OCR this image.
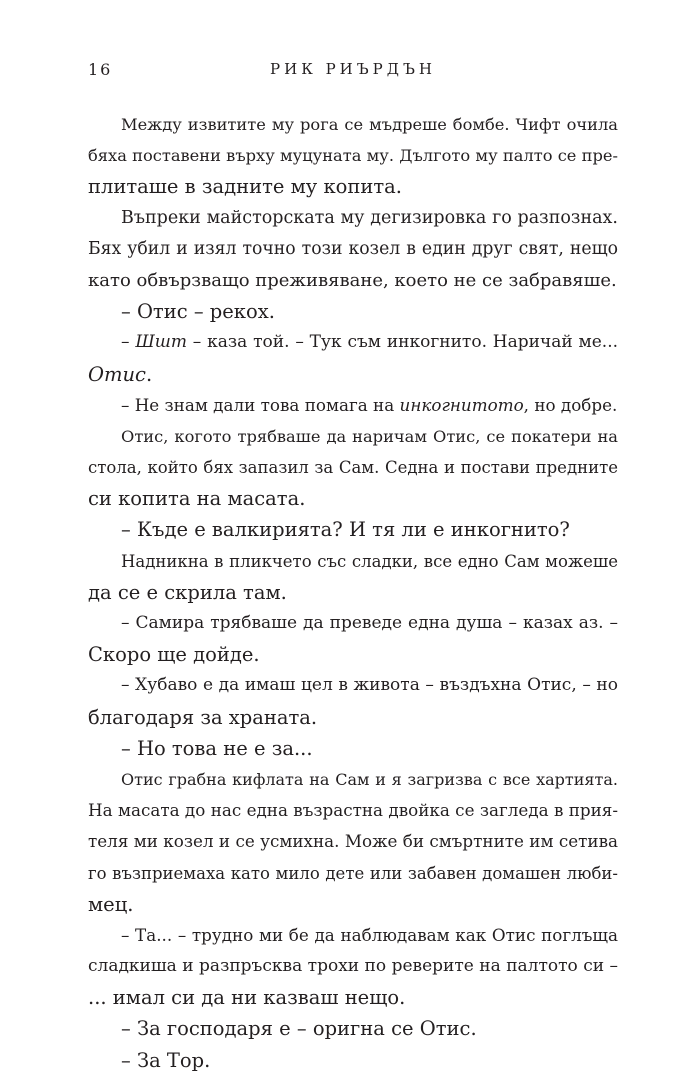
16	РИК РИЪРДЪН
Между извитите му рога се мъдреше бомбе. Чифт очила
бяха поставени върху муцуната му. Дългото му палто се пре-
плиташе в задните му копита.
Въпреки майсторската му дегизировка го разпознах.
Бях убил и изял точно този козел в един друг свят, нещо
като обвързващо преживяване, което не се забравяше.
– Отис – рекох.
– Шшт – каза той. – Тук съм инкогнито. Наричай ме...
Отис.
– Не знам дали това помага на инкогнитото, но добре.
Отис, когото трябваше да наричам Отис, се покатери на
стола, който бях запазил за Сам. Седна и постави предните
си копита на масата.
– Къде е валкирията? И тя ли е инкогнито?
Надникна в пликчето със сладки, все едно Сам можеше
да се е скрила там.
– Самира трябваше да преведе една душа – казах аз. –
Скоро ще дойде.
– Хубаво е да имаш цел в живота – въздъхна Отис, – но
благодаря за храната.
– Но това не е за...
Отис грабна кифлата на Сам и я загризва с все хартията.
На масата до нас една възрастна двойка се загледа в прия-
теля ми козел и се усмихна. Може би смъртните им сетива
го възприемаха като мило дете или забавен домашен люби-
мец.
– Та... – трудно ми бе да наблюдавам как Отис поглъща
сладкиша и разпръсква трохи по реверите на палтото си –
... имал си да ни казваш нещо.
– За господаря е – оригна се Отис.
– За Тор.
